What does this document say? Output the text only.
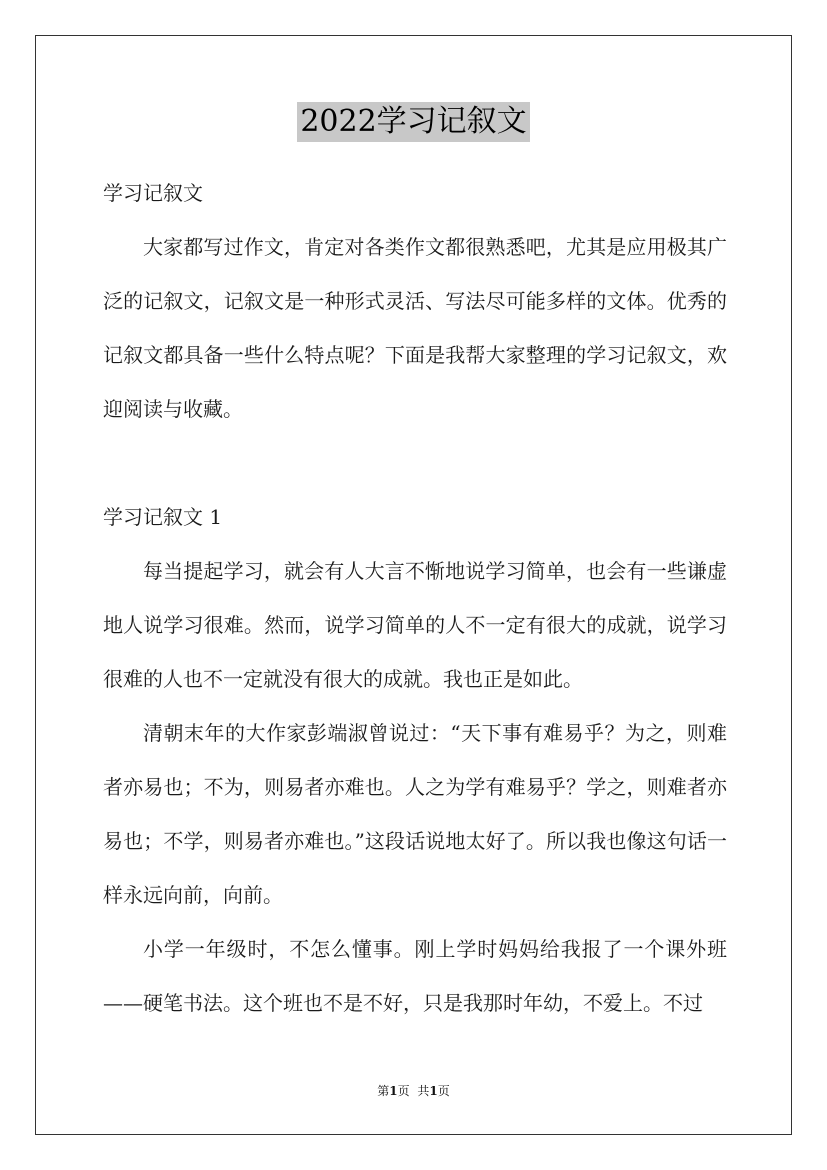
2022学习记叙文

学习记叙文

大家都写过作文，肯定对各类作文都很熟悉吧，尤其是应用极其广泛的记叙文，记叙文是一种形式灵活、写法尽可能多样的文体。优秀的记叙文都具备一些什么特点呢？下面是我帮大家整理的学习记叙文，欢迎阅读与收藏。

学习记叙文 1

每当提起学习，就会有人大言不惭地说学习简单，也会有一些谦虚地人说学习很难。然而，说学习简单的人不一定有很大的成就，说学习很难的人也不一定就没有很大的成就。我也正是如此。

清朝末年的大作家彭端淑曾说过：“天下事有难易乎？为之，则难者亦易也；不为，则易者亦难也。人之为学有难易乎？学之，则难者亦易也；不学，则易者亦难也。”这段话说地太好了。所以我也像这句话一样永远向前，向前。

小学一年级时，不怎么懂事。刚上学时妈妈给我报了一个课外班——硬笔书法。这个班也不是不好，只是我那时年幼，不爱上。不过

第1页 共1页
